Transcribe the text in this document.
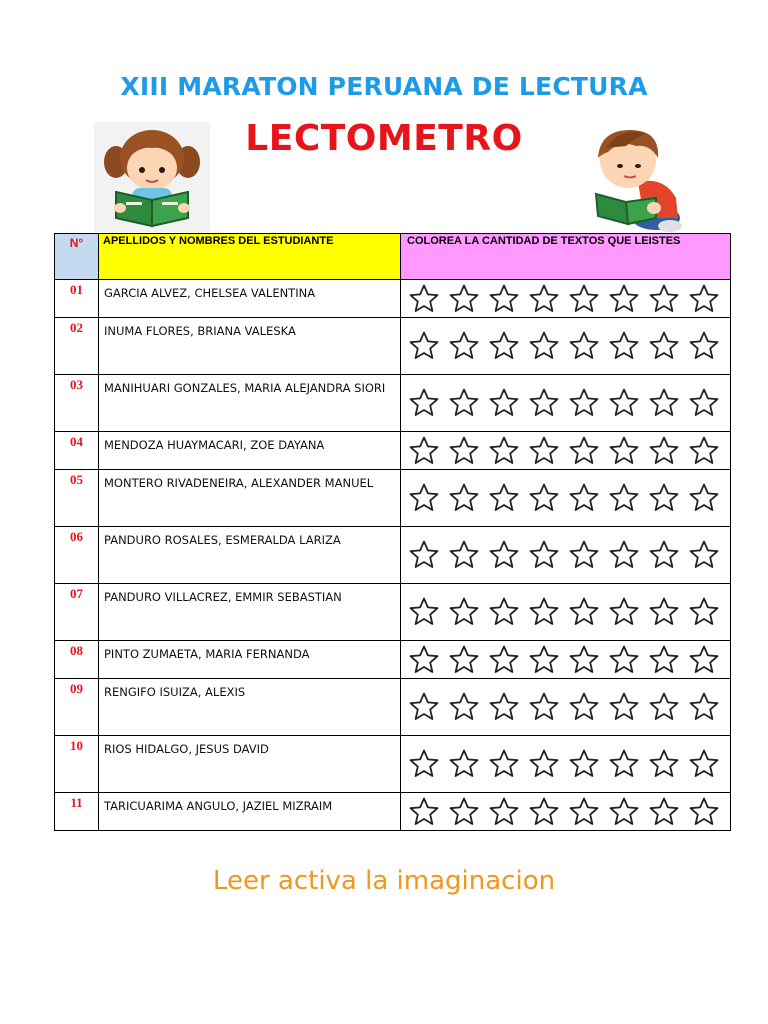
XIII MARATON PERUANA DE LECTURA
LECTOMETRO
N°	APELLIDOS Y NOMBRES DEL ESTUDIANTE	COLOREA LA CANTIDAD DE TEXTOS QUE LEISTES
01	GARCIA ALVEZ, CHELSEA VALENTINA	

02	INUMA FLORES, BRIANA VALESKA	

03	MANIHUARI GONZALES, MARIA ALEJANDRA SIORI	

04	MENDOZA HUAYMACARI, ZOE DAYANA	

05	MONTERO RIVADENEIRA, ALEXANDER MANUEL	

06	PANDURO ROSALES, ESMERALDA LARIZA	

07	PANDURO VILLACREZ, EMMIR SEBASTIAN	

08	PINTO ZUMAETA, MARIA FERNANDA	

09	RENGIFO ISUIZA, ALEXIS	

10	RIOS HIDALGO, JESUS DAVID	

11	TARICUARIMA ANGULO, JAZIEL MIZRAIM	
Leer activa la imaginacion
